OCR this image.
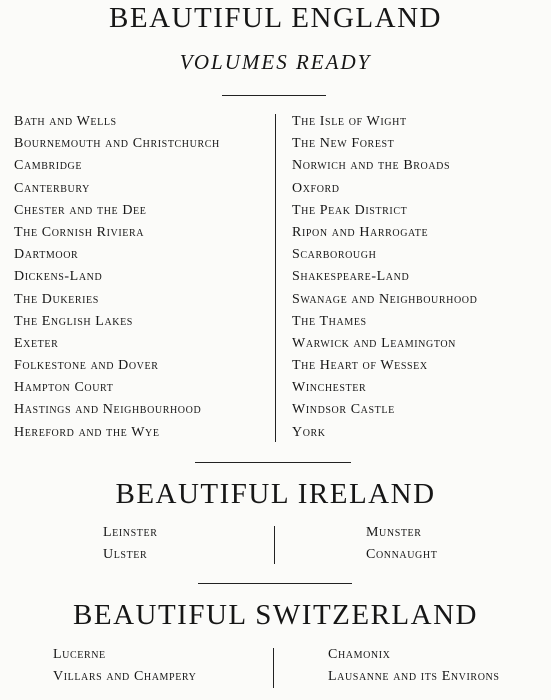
BEAUTIFUL ENGLAND
VOLUMES READY
Bath and Wells
Bournemouth and Christchurch
Cambridge
Canterbury
Chester and the Dee
The Cornish Riviera
Dartmoor
Dickens-Land
The Dukeries
The English Lakes
Exeter
Folkestone and Dover
Hampton Court
Hastings and Neighbourhood
Hereford and the Wye
The Isle of Wight
The New Forest
Norwich and the Broads
Oxford
The Peak District
Ripon and Harrogate
Scarborough
Shakespeare-Land
Swanage and Neighbourhood
The Thames
Warwick and Leamington
The Heart of Wessex
Winchester
Windsor Castle
York
BEAUTIFUL IRELAND
Leinster
Ulster
Munster
Connaught
BEAUTIFUL SWITZERLAND
Lucerne
Villars and Champery
Chamonix
Lausanne and its Environs
